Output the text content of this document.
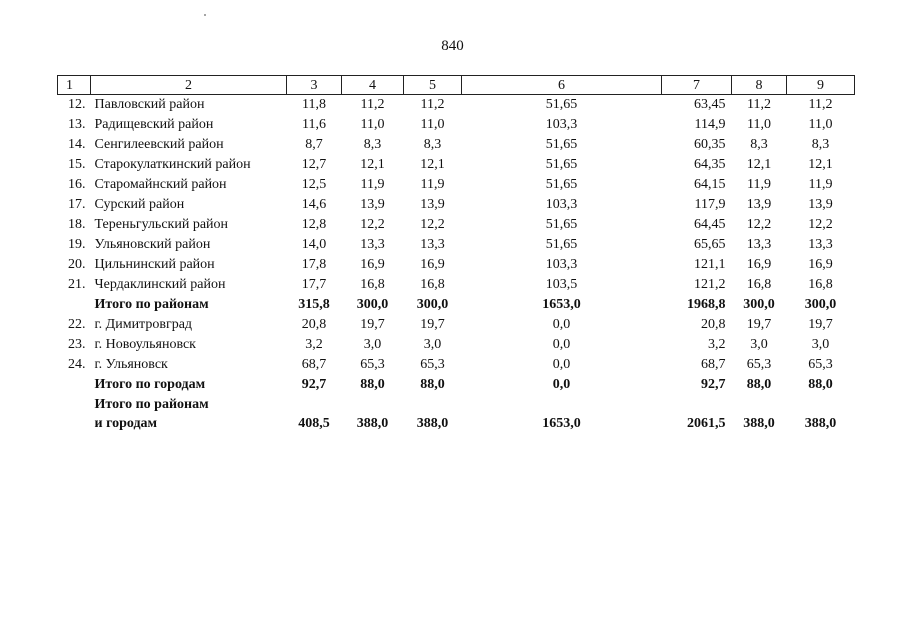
840
1	2	3	4	5	6	7	8	9
12.	Павловский район	11,8	11,2	11,2	51,65	63,45	11,2	11,2
13.	Радищевский район	11,6	11,0	11,0	103,3	114,9	11,0	11,0
14.	Сенгилеевский район	8,7	8,3	8,3	51,65	60,35	8,3	8,3
15.	Старокулаткинский район	12,7	12,1	12,1	51,65	64,35	12,1	12,1
16.	Старомайнский район	12,5	11,9	11,9	51,65	64,15	11,9	11,9
17.	Сурский район	14,6	13,9	13,9	103,3	117,9	13,9	13,9
18.	Тереньгульский район	12,8	12,2	12,2	51,65	64,45	12,2	12,2
19.	Ульяновский район	14,0	13,3	13,3	51,65	65,65	13,3	13,3
20.	Цильнинский район	17,8	16,9	16,9	103,3	121,1	16,9	16,9
21.	Чердаклинский район	17,7	16,8	16,8	103,5	121,2	16,8	16,8
	Итого по районам	315,8	300,0	300,0	1653,0	1968,8	300,0	300,0
22.	г. Димитровград	20,8	19,7	19,7	0,0	20,8	19,7	19,7
23.	г. Новоульяновск	3,2	3,0	3,0	0,0	3,2	3,0	3,0
24.	г. Ульяновск	68,7	65,3	65,3	0,0	68,7	65,3	65,3
	Итого по городам	92,7	88,0	88,0	0,0	92,7	88,0	88,0
	Итого по районам
и городам	408,5	388,0	388,0	1653,0	2061,5	388,0	388,0
